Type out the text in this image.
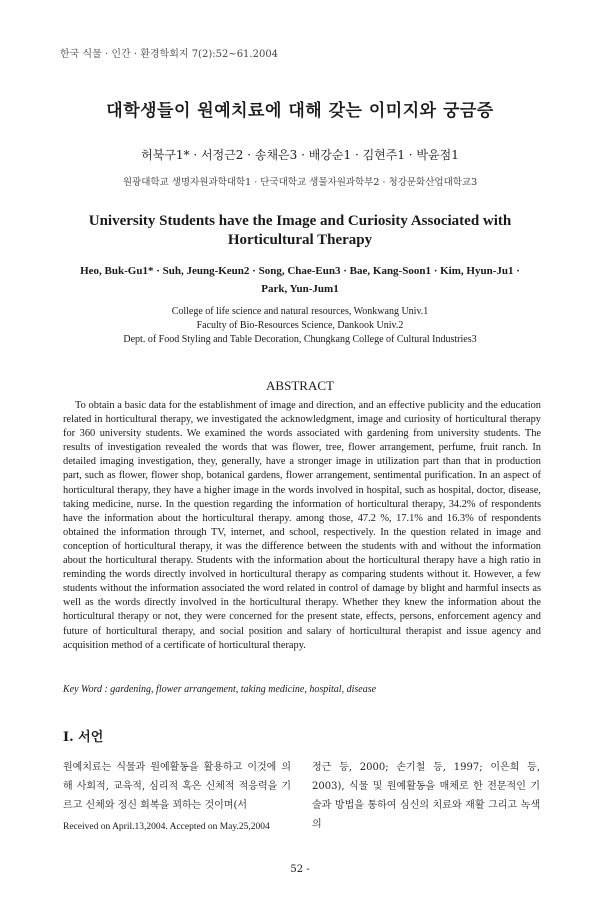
한국 식물 · 인간 · 환경학회지 7(2):52~61.2004
대학생들이 원예치료에 대해 갖는 이미지와 궁금증
허북구1* · 서정근2 · 송채은3 · 배강순1 · 김현주1 · 박윤점1
원광대학교 생명자원과학대학1 · 단국대학교 생물자원과학부2 · 청강문화산업대학교3
University Students have the Image and Curiosity Associated with
Horticultural Therapy
Heo, Buk-Gu1* · Suh, Jeung-Keun2 · Song, Chae-Eun3 · Bae, Kang-Soon1 · Kim, Hyun-Ju1 ·
Park, Yun-Jum1
College of life science and natural resources, Wonkwang Univ.1
Faculty of Bio-Resources Science, Dankook Univ.2
Dept. of Food Styling and Table Decoration, Chungkang College of Cultural Industries3
ABSTRACT

To obtain a basic data for the establishment of image and direction, and an effective publicity and the education related in horticultural therapy, we investigated the acknowledgment, image and curiosity of horticultural therapy for 360 university students. We examined the words associated with gardening from university students. The results of investigation revealed the words that was flower, tree, flower arrangement, perfume, fruit ranch. In detailed imaging investigation, they, generally, have a stronger image in utilization part than that in production part, such as flower, flower shop, botanical gardens, flower arrangement, sentimental purification. In an aspect of horticultural therapy, they have a higher image in the words involved in hospital, such as hospital, doctor, disease, taking medicine, nurse. In the question regarding the information of horticultural therapy, 34.2% of respondents have the information about the horticultural therapy. among those, 47.2 %, 17.1% and 16.3% of respondents obtained the information through TV, internet, and school, respectively. In the question related in image and conception of horticultural therapy, it was the difference between the students with and without the information about the horticultural therapy. Students with the information about the horticultural therapy have a high ratio in reminding the words directly involved in horticultural therapy as comparing students without it. However, a few students without the information associated the word related in control of damage by blight and harmful insects as well as the words directly involved in the horticultural therapy. Whether they knew the information about the horticultural therapy or not, they were concerned for the present state, effects, persons, enforcement agency and future of horticultural therapy, and social position and salary of horticultural therapist and issue agency and acquisition method of a certificate of horticultural therapy.

Key Word : gardening, flower arrangement, taking medicine, hospital, disease
Ⅰ. 서언

원예치료는 식물과 원예활동을 활용하고 이것에 의해 사회적, 교육적, 심리적 혹은 신체적 적응력을 기르고 신체와 정신 회복을 꾀하는 것이며(서

정근 등, 2000; 손기철 등, 1997; 이은희 등, 2003), 식물 및 원예활동을 매체로 한 전문적인 기술과 방법을 통하여 심신의 치료와 재활 그리고 녹색의

Received on April.13,2004. Accepted on May.25,2004
52 -
